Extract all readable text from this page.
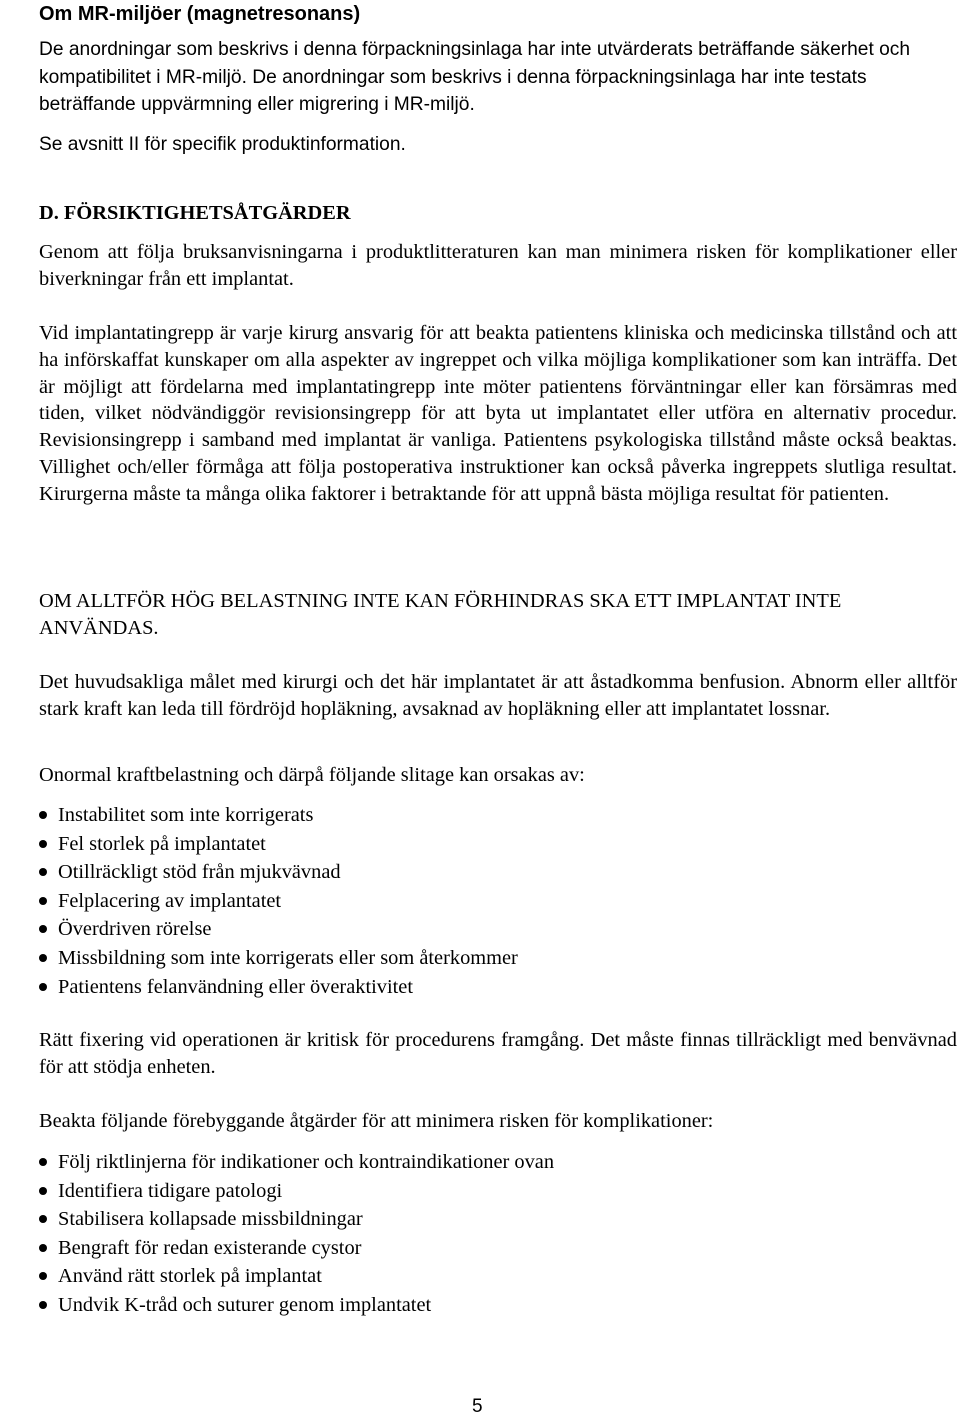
Om MR-miljöer (magnetresonans)

De anordningar som beskrivs i denna förpackningsinlaga har inte utvärderats beträffande säkerhet och kompatibilitet i MR-miljö. De anordningar som beskrivs i denna förpackningsinlaga har inte testats beträffande uppvärmning eller migrering i MR-miljö.

Se avsnitt II för specifik produktinformation.

D. FÖRSIKTIGHETSÅTGÄRDER

Genom att följa bruksanvisningarna i produktlitteraturen kan man minimera risken för komplikationer eller biverkningar från ett implantat.

Vid implantatingrepp är varje kirurg ansvarig för att beakta patientens kliniska och medicinska tillstånd och att ha införskaffat kunskaper om alla aspekter av ingreppet och vilka möjliga komplikationer som kan inträffa. Det är möjligt att fördelarna med implantatingrepp inte möter patientens förväntningar eller kan försämras med tiden, vilket nödvändiggör revisionsingrepp för att byta ut implantatet eller utföra en alternativ procedur. Revisionsingrepp i samband med implantat är vanliga. Patientens psykologiska tillstånd måste också beaktas. Villighet och/eller förmåga att följa postoperativa instruktioner kan också påverka ingreppets slutliga resultat. Kirurgerna måste ta många olika faktorer i betraktande för att uppnå bästa möjliga resultat för patienten.

OM ALLTFÖR HÖG BELASTNING INTE KAN FÖRHINDRAS SKA ETT IMPLANTAT INTE ANVÄNDAS.

Det huvudsakliga målet med kirurgi och det här implantatet är att åstadkomma benfusion. Abnorm eller alltför stark kraft kan leda till fördröjd hopläkning, avsaknad av hopläkning eller att implantatet lossnar.

Onormal kraftbelastning och därpå följande slitage kan orsakas av:

Instabilitet som inte korrigerats
Fel storlek på implantatet
Otillräckligt stöd från mjukvävnad
Felplacering av implantatet
Överdriven rörelse
Missbildning som inte korrigerats eller som återkommer
Patientens felanvändning eller överaktivitet

Rätt fixering vid operationen är kritisk för procedurens framgång. Det måste finnas tillräckligt med benvävnad för att stödja enheten.

Beakta följande förebyggande åtgärder för att minimera risken för komplikationer:

Följ riktlinjerna för indikationer och kontraindikationer ovan
Identifiera tidigare patologi
Stabilisera kollapsade missbildningar
Bengraft för redan existerande cystor
Använd rätt storlek på implantat
Undvik K-tråd och suturer genom implantatet
5
